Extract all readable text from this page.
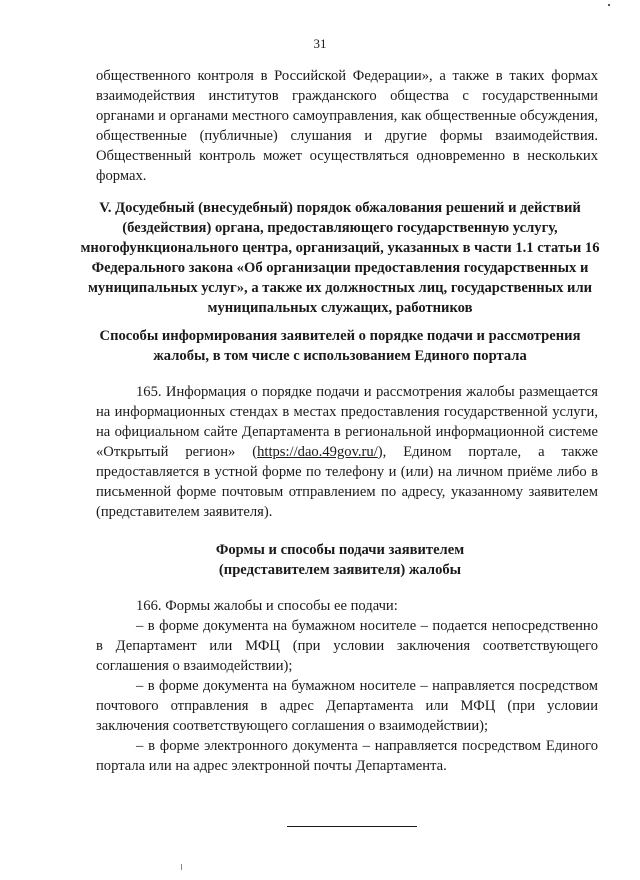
31
общественного контроля в Российской Федерации», а также в таких формах взаимодействия институтов гражданского общества с государственными органами и органами местного самоуправления, как общественные обсуждения, общественные (публичные) слушания и другие формы взаимодействия. Общественный контроль может осуществляться одновременно в нескольких формах.
V. Досудебный (внесудебный) порядок обжалования решений и действий (бездействия) органа, предоставляющего государственную услугу, многофункционального центра, организаций, указанных в части 1.1 статьи 16 Федерального закона «Об организации предоставления государственных и муниципальных услуг», а также их должностных лиц, государственных или муниципальных служащих, работников
Способы информирования заявителей о порядке подачи и рассмотрения жалобы, в том числе с использованием Единого портала
165. Информация о порядке подачи и рассмотрения жалобы размещается на информационных стендах в местах предоставления государственной услуги, на официальном сайте Департамента в региональной информационной системе «Открытый регион» (https://dao.49gov.ru/), Едином портале, а также предоставляется в устной форме по телефону и (или) на личном приёме либо в письменной форме почтовым отправлением по адресу, указанному заявителем (представителем заявителя).
Формы и способы подачи заявителем
(представителем заявителя) жалобы
166. Формы жалобы и способы ее подачи:
– в форме документа на бумажном носителе – подается непосредственно в Департамент или МФЦ (при условии заключения соответствующего соглашения о взаимодействии);
– в форме документа на бумажном носителе – направляется посредством почтового отправления в адрес Департамента или МФЦ (при условии заключения соответствующего соглашения о взаимодействии);
– в форме электронного документа – направляется посредством Единого портала или на адрес электронной почты Департамента.
